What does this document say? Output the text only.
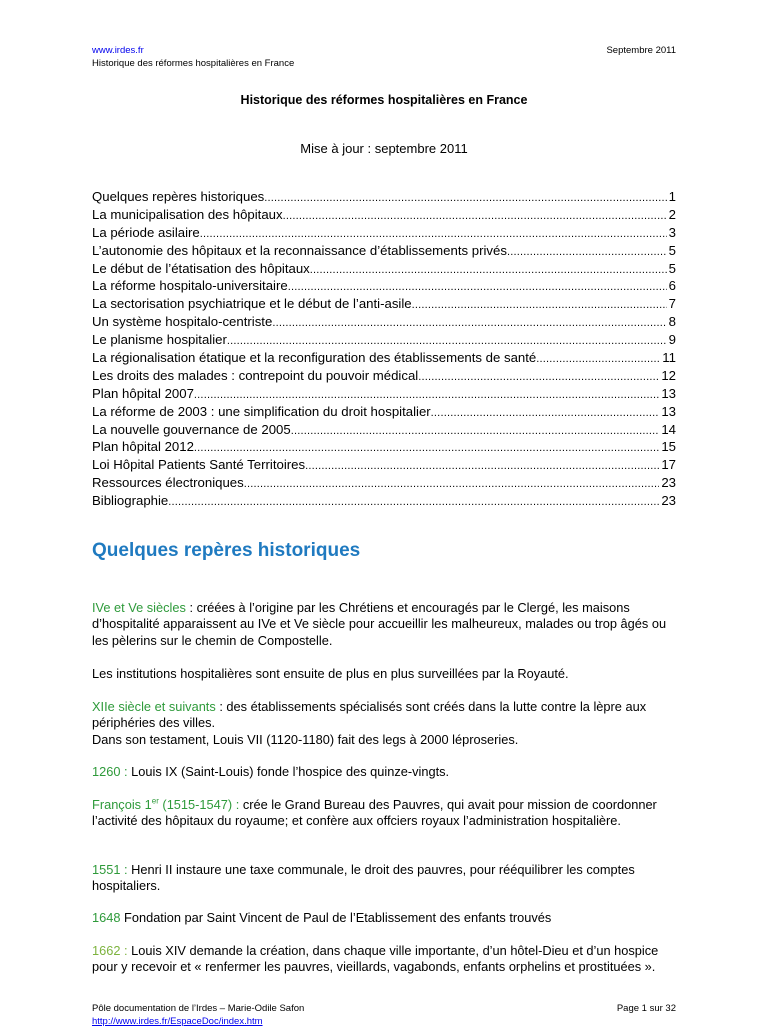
www.irdes.fr
Historique des réformes hospitalières en France
Septembre 2011
Historique des réformes hospitalières en France
Mise à jour : septembre 2011
Quelques repères historiques .....	1
La municipalisation des hôpitaux .....	2
La période asilaire .....	3
L’autonomie des hôpitaux et la reconnaissance d’établissements privés .....	5
Le début de l’étatisation des hôpitaux .....	5
La réforme hospitalo-universitaire .....	6
La sectorisation psychiatrique et le début de l’anti-asile .....	7
Un système hospitalo-centriste .....	8
Le planisme hospitalier .....	9
La régionalisation étatique et la reconfiguration des établissements de santé .....	11
Les droits des malades : contrepoint du pouvoir médical .....	12
Plan hôpital 2007 .....	13
La réforme de 2003 : une simplification du droit hospitalier .....	13
La nouvelle gouvernance de 2005 .....	14
Plan hôpital 2012 .....	15
Loi Hôpital Patients Santé Territoires .....	17
Ressources électroniques .....	23
Bibliographie .....	23
Quelques repères historiques

IVe et Ve siècles : créées à l’origine par les Chrétiens et encouragés par le Clergé, les maisons d’hospitalité apparaissent au IVe et Ve siècle pour accueillir les malheureux, malades ou trop âgés ou les pèlerins sur le chemin de Compostelle.

Les institutions hospitalières sont ensuite de plus en plus surveillées par la Royauté.

XIIe siècle et suivants : des établissements spécialisés sont créés dans la lutte contre la lèpre aux périphéries des villes.

Dans son testament, Louis VII (1120-1180) fait des legs à 2000 léproseries.

1260 : Louis IX (Saint-Louis) fonde l’hospice des quinze-vingts.

François 1er (1515-1547) : crée le Grand Bureau des Pauvres, qui avait pour mission de coordonner l’activité des hôpitaux du royaume; et confère aux offciers royaux l’administration hospitalière.

1551 : Henri II instaure une taxe communale, le droit des pauvres, pour rééquilibrer les comptes hospitaliers.

1648 Fondation par Saint Vincent de Paul de l’Etablissement des enfants trouvés

1662 : Louis XIV demande la création, dans chaque ville importante, d’un hôtel-Dieu et d’un hospice pour y recevoir et « renfermer les pauvres, vieillards, vagabonds, enfants orphelins et prostituées ».

Pôle documentation de l’Irdes – Marie-Odile Safon	Page 1 sur 32
http://www.irdes.fr/EspaceDoc/index.htm
